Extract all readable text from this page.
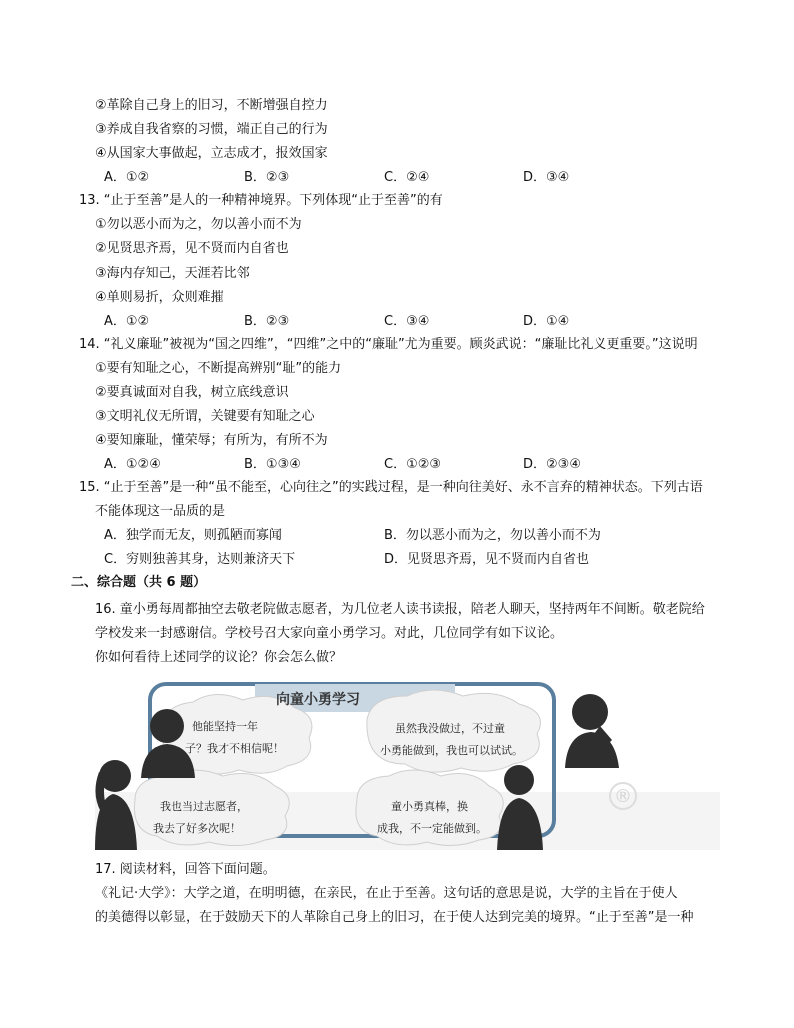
②革除自己身上的旧习，不断增强自控力
③养成自我省察的习惯，端正自己的行为
④从国家大事做起，立志成才，报效国家
A．①②	B．②③	C．②④	D．③④
13. “止于至善”是人的一种精神境界。下列体现“止于至善”的有
①勿以恶小而为之，勿以善小而不为
②见贤思齐焉，见不贤而内自省也
③海内存知己，天涯若比邻
④单则易折，众则难摧
A．①②	B．②③	C．③④	D．①④
14. “礼义廉耻”被视为“国之四维”，“四维”之中的“廉耻”尤为重要。顾炎武说：“廉耻比礼义更重要。”这说明
①要有知耻之心，不断提高辨别“耻”的能力
②要真诚面对自我，树立底线意识
③文明礼仪无所谓，关键要有知耻之心
④要知廉耻，懂荣辱；有所为，有所不为
A．①②④	B．①③④	C．①②③	D．②③④
15. “止于至善”是一种“虽不能至，心向往之”的实践过程，是一种向往美好、永不言弃的精神状态。下列古语
不能体现这一品质的是
A．独学而无友，则孤陋而寡闻	B．勿以恶小而为之，勿以善小而不为
C．穷则独善其身，达则兼济天下	D．见贤思齐焉，见不贤而内自省也
二、综合题（共 6 题）
16. 童小勇每周都抽空去敬老院做志愿者，为几位老人读书读报，陪老人聊天，坚持两年不间断。敬老院给
学校发来一封感谢信。学校号召大家向童小勇学习。对此，几位同学有如下议论。
你如何看待上述同学的议论？你会怎么做？
®
向童小勇学习
他能坚持一年
子？我才不相信呢！
虽然我没做过，不过童
小勇能做到，我也可以试试。
我也当过志愿者，
我去了好多次呢！
童小勇真棒，换
成我，不一定能做到。
17. 阅读材料，回答下面问题。
《礼记·大学》：大学之道，在明明德，在亲民，在止于至善。这句话的意思是说，大学的主旨在于使人
的美德得以彰显，在于鼓励天下的人革除自己身上的旧习，在于使人达到完美的境界。“止于至善”是一种
